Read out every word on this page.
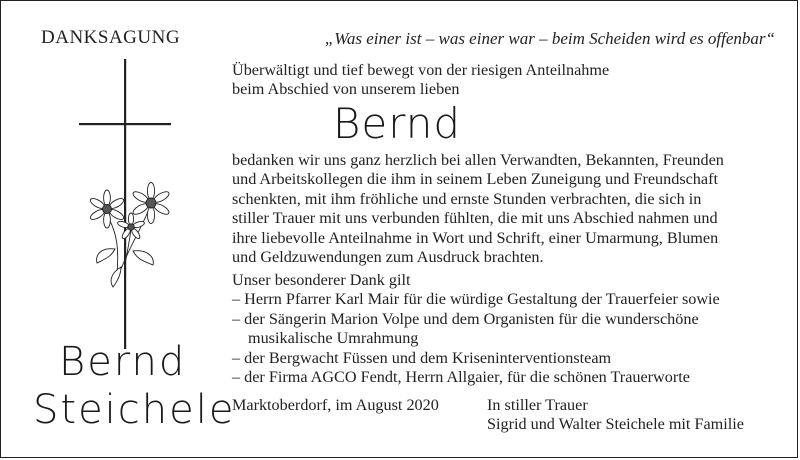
DANKSAGUNG	„Was einer ist – was einer war – beim Scheiden wird es offenbar“
Überwältigt und tief bewegt von der riesigen Anteilnahme
beim Abschied von unserem lieben
Bernd
bedanken wir uns ganz herzlich bei allen Verwandten, Bekannten, Freunden
und Arbeitskollegen die ihm in seinem Leben Zuneigung und Freundschaft
schenkten, mit ihm fröhliche und ernste Stunden verbrachten, die sich in
stiller Trauer mit uns verbunden fühlten, die mit uns Abschied nahmen und
ihre liebevolle Anteilnahme in Wort und Schrift, einer Umarmung, Blumen
und Geldzuwendungen zum Ausdruck brachten.
Unser besonderer Dank gilt
– Herrn Pfarrer Karl Mair für die würdige Gestaltung der Trauerfeier sowie
– der Sängerin Marion Volpe und dem Organisten für die wunderschöne
musikalische Umrahmung
– der Bergwacht Füssen und dem Kriseninterventionsteam
– der Firma AGCO Fendt, Herrn Allgaier, für die schönen Trauerworte
Marktoberdorf, im August 2020	In stiller Trauer
Sigrid und Walter Steichele mit Familie
Bernd
Steichele
